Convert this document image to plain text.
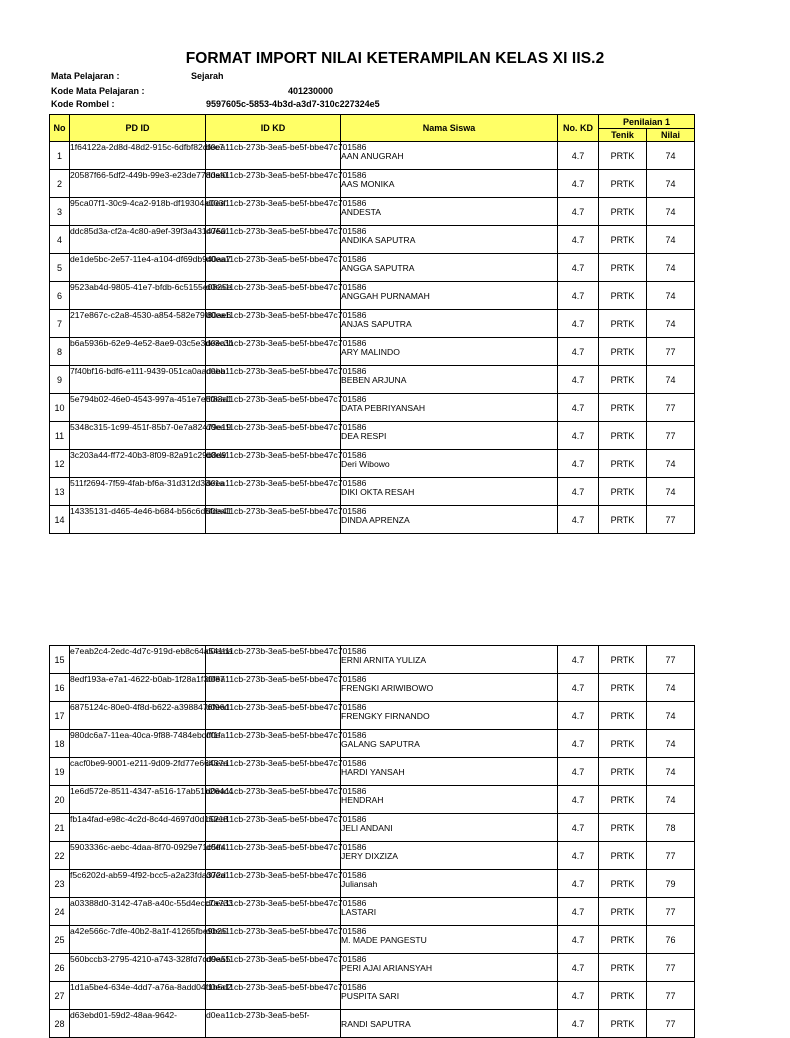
FORMAT IMPORT NILAI KETERAMPILAN KELAS XI IIS.2
Mata Pelajaran :	Sejarah
Kode Mata Pelajaran :	401230000
Kode Rombel :	9597605c-5853-4b3d-a3d7-310c227324e5
No	PD ID	ID KD	Nama Siswa	No. KD	Penilaian 1	
					Tenik	Nilai
1	1f64122a-2d8d-48d2-915c-6dfbf82dfec7	d0ea11cb-273b-3ea5-be5f-bbe47c701586	AAN ANUGRAH	4.7	PRTK	74
2	20587f66-5df2-449b-99e3-e23de778daf0	d0ea11cb-273b-3ea5-be5f-bbe47c701586	AAS MONIKA	4.7	PRTK	74
3	95ca07f1-30c9-4ca2-918b-df19304a003f	d0ea11cb-273b-3ea5-be5f-bbe47c701586	ANDESTA	4.7	PRTK	74
4	ddc85d3a-cf2a-4c80-a9ef-39f3a4314750	d0ea11cb-273b-3ea5-be5f-bbe47c701586	ANDIKA SAPUTRA	4.7	PRTK	74
5	de1de5bc-2e57-11e4-a104-df69db940aa7	d0ea11cb-273b-3ea5-be5f-bbe47c701586	ANGGA SAPUTRA	4.7	PRTK	74
6	9523ab4d-9805-41e7-bfdb-6c5155e0825e	d0ea11cb-273b-3ea5-be5f-bbe47c701586	ANGGAH PURNAMAH	4.7	PRTK	74
7	217e867c-c2a8-4530-a854-582e79f80ae6	d0ea11cb-273b-3ea5-be5f-bbe47c701586	ANJAS SAPUTRA	4.7	PRTK	74
8	b6a5936b-62e9-4e52-8ae9-03c5e3de3c3b	d0ea11cb-273b-3ea5-be5f-bbe47c701586	ARY MALINDO	4.7	PRTK	77
9	7f40bf16-bdf6-e111-9439-051ca0aadabb	d0ea11cb-273b-3ea5-be5f-bbe47c701586	BEBEN ARJUNA	4.7	PRTK	74
10	5e794b02-46e0-4543-997a-451e7e5f83a1	d0ea11cb-273b-3ea5-be5f-bbe47c701586	DATA PEBRIYANSAH	4.7	PRTK	77
11	5348c315-1c99-451f-85b7-0e7a82479e19	d0ea11cb-273b-3ea5-be5f-bbe47c701586	DEA RESPI	4.7	PRTK	77
12	3c203a44-ff72-40b3-8f09-82a91c29b8d9	d0ea11cb-273b-3ea5-be5f-bbe47c701586	Deri Wibowo	4.7	PRTK	74
13	511f2694-7f59-4fab-bf6a-31d312d33e1a	d0ea11cb-273b-3ea5-be5f-bbe47c701586	DIKI OKTA RESAH	4.7	PRTK	74
14	14335131-d465-4e46-b684-b56c6d5fda41	d0ea11cb-273b-3ea5-be5f-bbe47c701586	DINDA APRENZA	4.7	PRTK	77
15	e7eab2c4-2edc-4d7c-919d-eb8c64a541ba	d0ea11cb-273b-3ea5-be5f-bbe47c701586	ERNI ARNITA YULIZA	4.7	PRTK	77
16	8edf193a-e7a1-4622-b0ab-1f28a1f30f87	d0ea11cb-273b-3ea5-be5f-bbe47c701586	FRENGKI ARIWIBOWO	4.7	PRTK	74
17	6875124c-80e0-4f8d-b622-a3988476f96d	d0ea11cb-273b-3ea5-be5f-bbe47c701586	FRENGKY FIRNANDO	4.7	PRTK	74
18	980dc6a7-11ea-40ca-9f88-7484ebdfff1f	d0ea11cb-273b-3ea5-be5f-bbe47c701586	GALANG SAPUTRA	4.7	PRTK	74
19	cacf0be9-9001-e211-9d09-2fd77e66437a	d0ea11cb-273b-3ea5-be5f-bbe47c701586	HARDI YANSAH	4.7	PRTK	74
20	1e6d572e-8511-4347-a516-17ab51b264c4	d0ea11cb-273b-3ea5-be5f-bbe47c701586	HENDRAH	4.7	PRTK	74
21	fb1a4fad-e98c-4c2d-8c4d-4697d0d15218	d0ea11cb-273b-3ea5-be5f-bbe47c701586	JELI ANDANI	4.7	PRTK	78
22	5903336c-aebc-4daa-8f70-0929e71c5ff4	d0ea11cb-273b-3ea5-be5f-bbe47c701586	JERY DIXZIZA	4.7	PRTK	77
23	f5c6202d-ab59-4f92-bcc5-a2a23fda372d	d0ea11cb-273b-3ea5-be5f-bbe47c701586	Juliansah	4.7	PRTK	79
24	a03388d0-3142-47a8-a40c-55d4ecc7a733	d0ea11cb-273b-3ea5-be5f-bbe47c701586	LASTARI	4.7	PRTK	77
25	a42e566c-7dfe-40b2-8a1f-41265fbe9b25	d0ea11cb-273b-3ea5-be5f-bbe47c701586	M. MADE PANGESTU	4.7	PRTK	76
26	560bccb3-2795-4210-a743-328fd7cd9a55	d0ea11cb-273b-3ea5-be5f-bbe47c701586	PERI AJAI ARIANSYAH	4.7	PRTK	77
27	1d1a5be4-634e-4dd7-a76a-8add04f1b5d2	d0ea11cb-273b-3ea5-be5f-bbe47c701586	PUSPITA SARI	4.7	PRTK	77
28	d63ebd01-59d2-48aa-9642-	d0ea11cb-273b-3ea5-be5f-	RANDI SAPUTRA	4.7	PRTK	77
